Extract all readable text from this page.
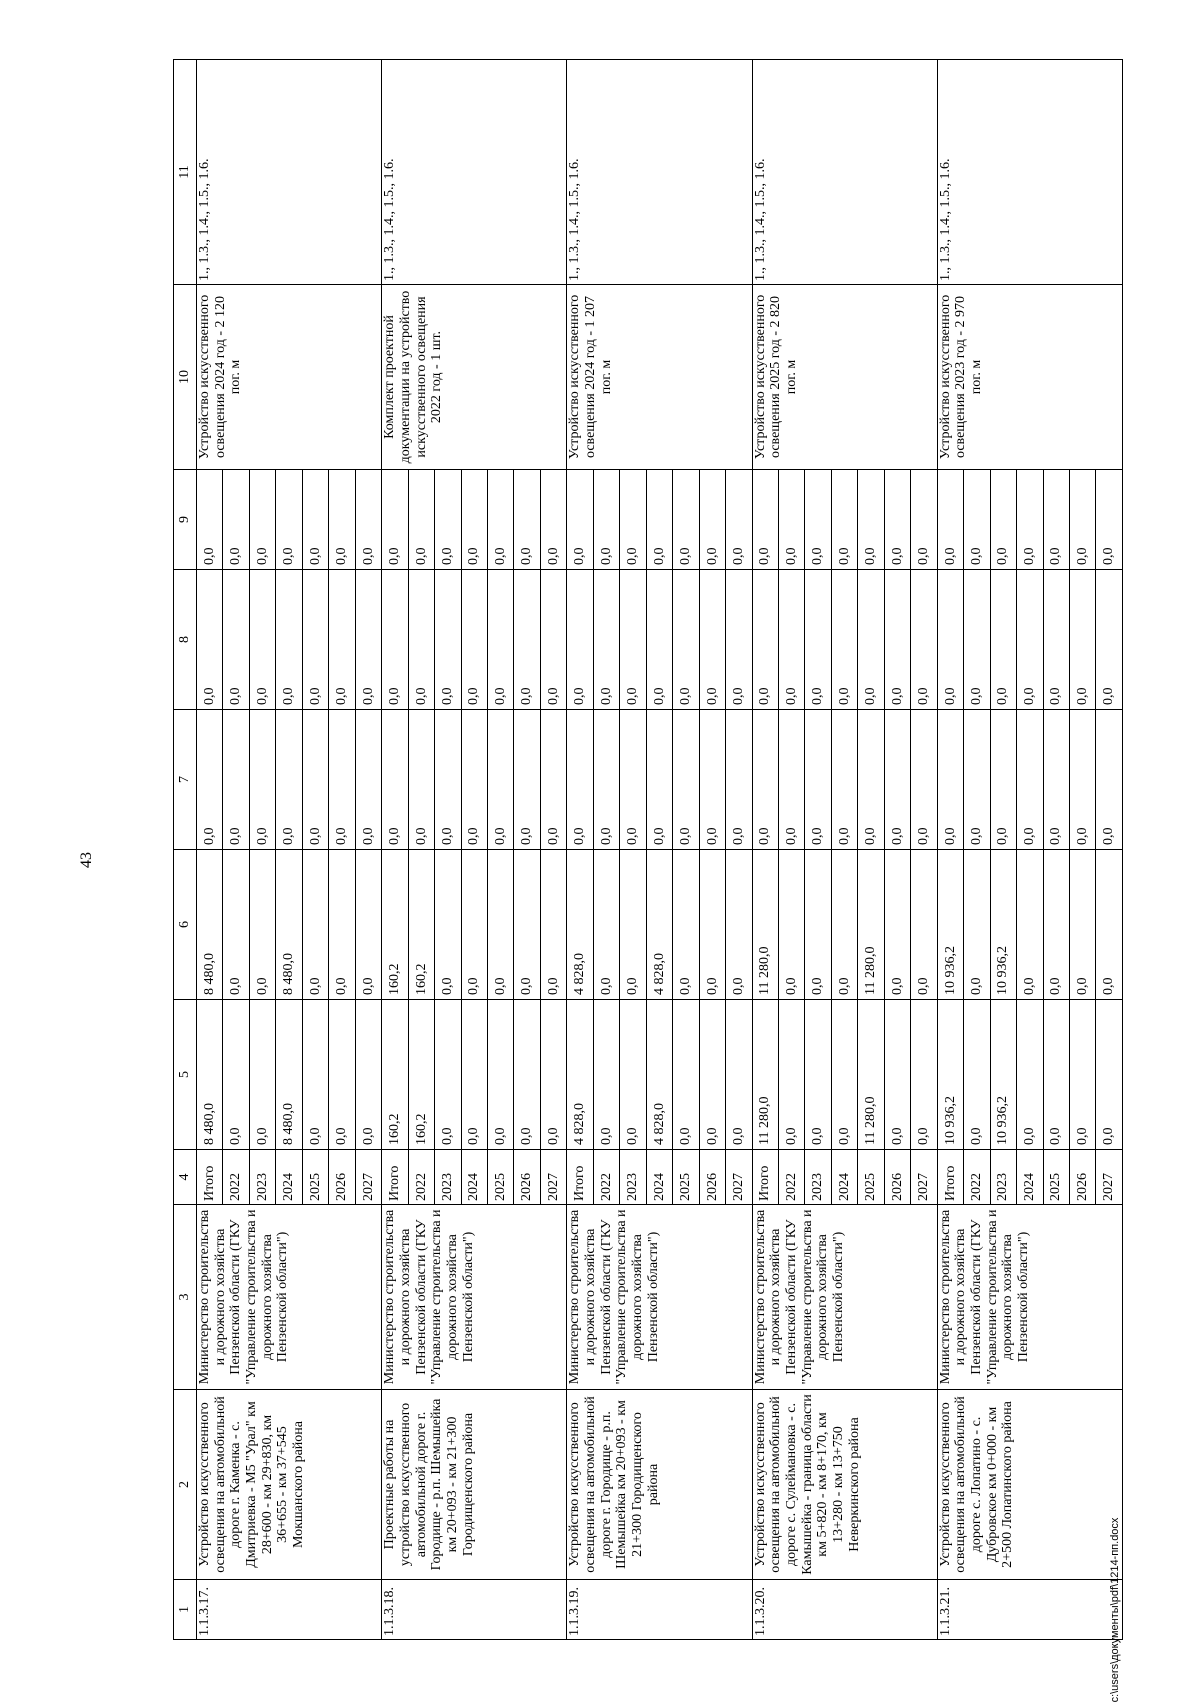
43
1	2	3	4	5	6	7	8	9	10	11
1.1.3.17.	Устройство искусственного освещения на автомобильной дороге г. Каменка - с. Дмитриевка - М5 "Урал" км 28+600 - км 29+830, км 36+655 - км 37+545 Мокшанского района	Министерство строительства и дорожного хозяйства Пензенской области (ГКУ "Управление строительства и дорожного хозяйства Пензенской области")	Итого	8 480,0	8 480,0	0,0	0,0	0,0	Устройство искусственного освещения 2024 год - 2 120 пог. м	1., 1.3., 1.4., 1.5., 1.6.
			2022	0,0	0,0	0,0	0,0	0,0		
			2023	0,0	0,0	0,0	0,0	0,0		
			2024	8 480,0	8 480,0	0,0	0,0	0,0		
			2025	0,0	0,0	0,0	0,0	0,0		
			2026	0,0	0,0	0,0	0,0	0,0		
			2027	0,0	0,0	0,0	0,0	0,0		
1.1.3.18.	Проектные работы на устройство искусственного автомобильной дороге г. Городище - р.п. Шемышейка км 20+093 - км 21+300 Городищенского района	Министерство строительства и дорожного хозяйства Пензенской области (ГКУ "Управление строительства и дорожного хозяйства Пензенской области")	Итого	160,2	160,2	0,0	0,0	0,0	Комплект проектной документации на устройство искусственного освещения 2022 год - 1 шт.	1., 1.3., 1.4., 1.5., 1.6.
			2022	160,2	160,2	0,0	0,0	0,0		
			2023	0,0	0,0	0,0	0,0	0,0		
			2024	0,0	0,0	0,0	0,0	0,0		
			2025	0,0	0,0	0,0	0,0	0,0		
			2026	0,0	0,0	0,0	0,0	0,0		
			2027	0,0	0,0	0,0	0,0	0,0		
1.1.3.19.	Устройство искусственного освещения на автомобильной дороге г. Городище - р.п. Шемышейка км 20+093 - км 21+300 Городищенского района	Министерство строительства и дорожного хозяйства Пензенской области (ГКУ "Управление строительства и дорожного хозяйства Пензенской области")	Итого	4 828,0	4 828,0	0,0	0,0	0,0	Устройство искусственного освещения 2024 год - 1 207 пог. м	1., 1.3., 1.4., 1.5., 1.6.
			2022	0,0	0,0	0,0	0,0	0,0		
			2023	0,0	0,0	0,0	0,0	0,0		
			2024	4 828,0	4 828,0	0,0	0,0	0,0		
			2025	0,0	0,0	0,0	0,0	0,0		
			2026	0,0	0,0	0,0	0,0	0,0		
			2027	0,0	0,0	0,0	0,0	0,0		
1.1.3.20.	Устройство искусственного освещения на автомобильной дороге с. Сулеймановка - с. Камышейка - граница области км 5+820 - км 8+170, км 13+280 - км 13+750 Неверкинского района	Министерство строительства и дорожного хозяйства Пензенской области (ГКУ "Управление строительства и дорожного хозяйства Пензенской области")	Итого	11 280,0	11 280,0	0,0	0,0	0,0	Устройство искусственного освещения 2025 год - 2 820 пог. м	1., 1.3., 1.4., 1.5., 1.6.
			2022	0,0	0,0	0,0	0,0	0,0		
			2023	0,0	0,0	0,0	0,0	0,0		
			2024	0,0	0,0	0,0	0,0	0,0		
			2025	11 280,0	11 280,0	0,0	0,0	0,0		
			2026	0,0	0,0	0,0	0,0	0,0		
			2027	0,0	0,0	0,0	0,0	0,0		
1.1.3.21.	Устройство искусственного освещения на автомобильной дороге с. Лопатино - с. Дубровское км 0+000 - км 2+500 Лопатинского района	Министерство строительства и дорожного хозяйства Пензенской области (ГКУ "Управление строительства и дорожного хозяйства Пензенской области")	Итого	10 936,2	10 936,2	0,0	0,0	0,0	Устройство искусственного освещения 2023 год - 2 970 пог. м	1., 1.3., 1.4., 1.5., 1.6.
			2022	0,0	0,0	0,0	0,0	0,0		
			2023	10 936,2	10 936,2	0,0	0,0	0,0		
			2024	0,0	0,0	0,0	0,0	0,0		
			2025	0,0	0,0	0,0	0,0	0,0		
			2026	0,0	0,0	0,0	0,0	0,0		
			2027	0,0	0,0	0,0	0,0	0,0		
c:\users\документы\pdf\1214-пп.docx
